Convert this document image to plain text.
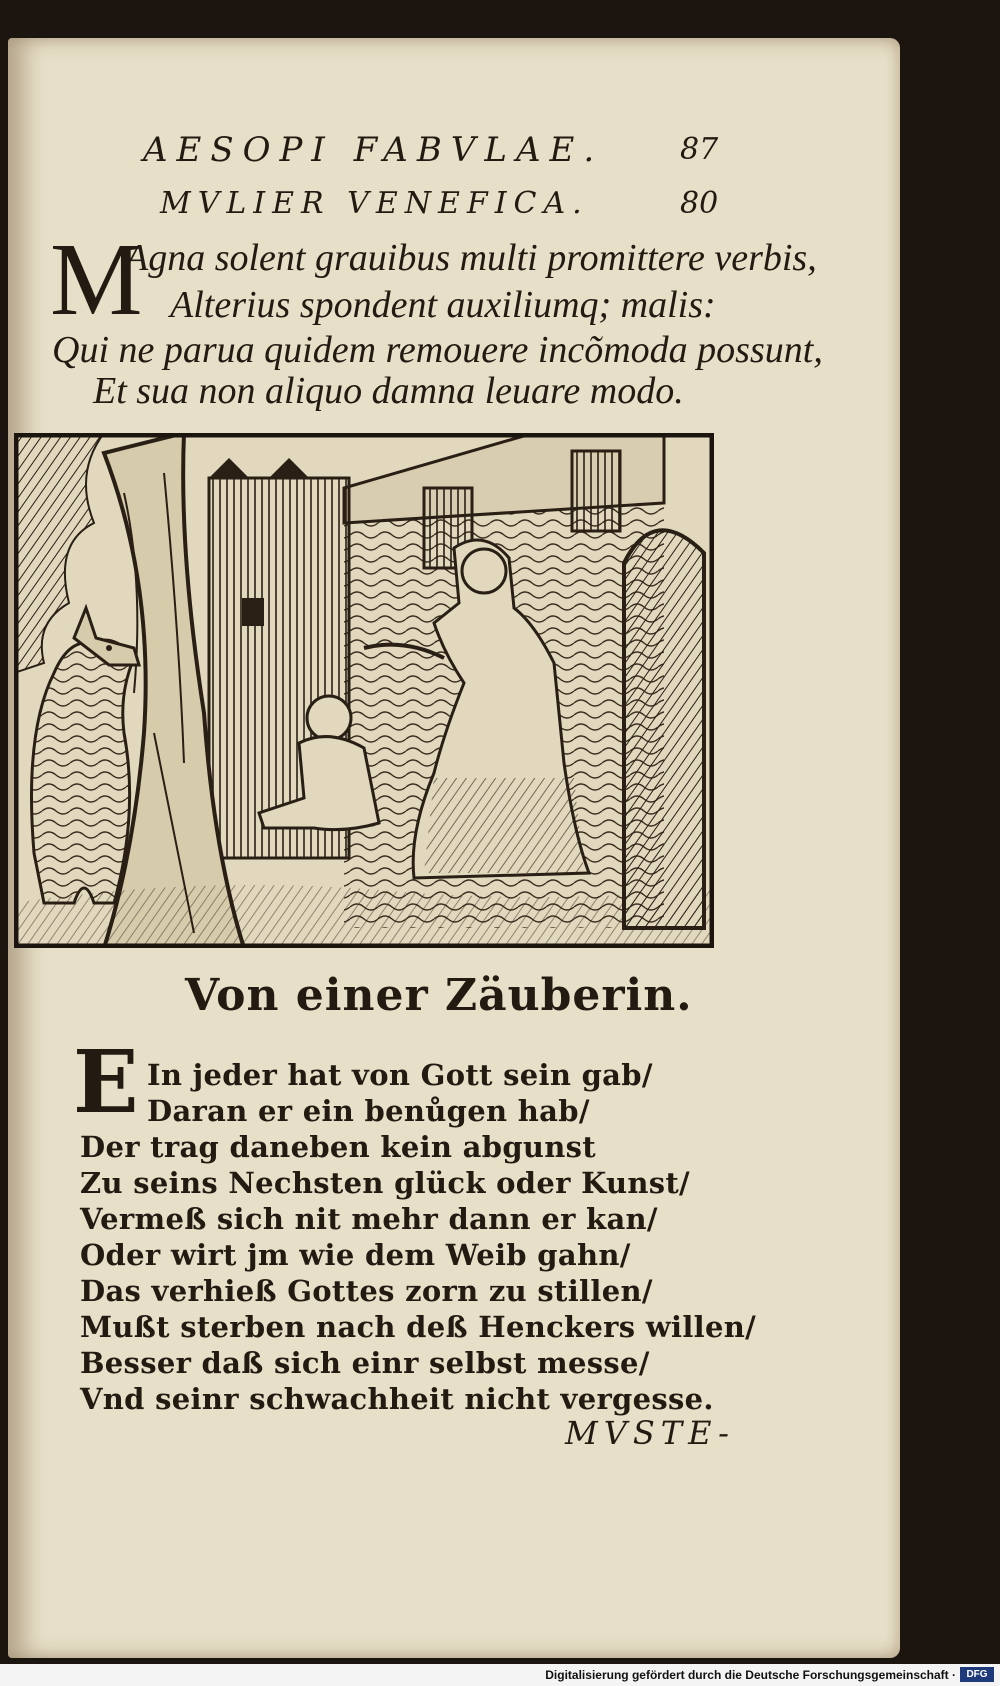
AESOPI FABVLAE.	87
MVLIER VENEFICA.	80
M
Agna solent grauibus multi promittere verbis,
Alterius spondent auxiliumq; malis:
Qui ne parua quidem remouere incõmoda possunt,
Et sua non aliquo damna leuare modo.
Von einer Zäuberin.
E In jeder hat von Gott sein gab/
Daran er ein benůgen hab/
Der trag daneben kein abgunst
Zu seins Nechsten glück oder Kunst/
Vermeß sich nit mehr dann er kan/
Oder wirt jm wie dem Weib gahn/
Das verhieß Gottes zorn zu stillen/
Mußt sterben nach deß Henckers willen/
Besser daß sich einr selbst messe/
Vnd seinr schwachheit nicht vergesse.
MVSTE-
Digitalisierung gefördert durch die Deutsche Forschungsgemeinschaft ·	DFG
